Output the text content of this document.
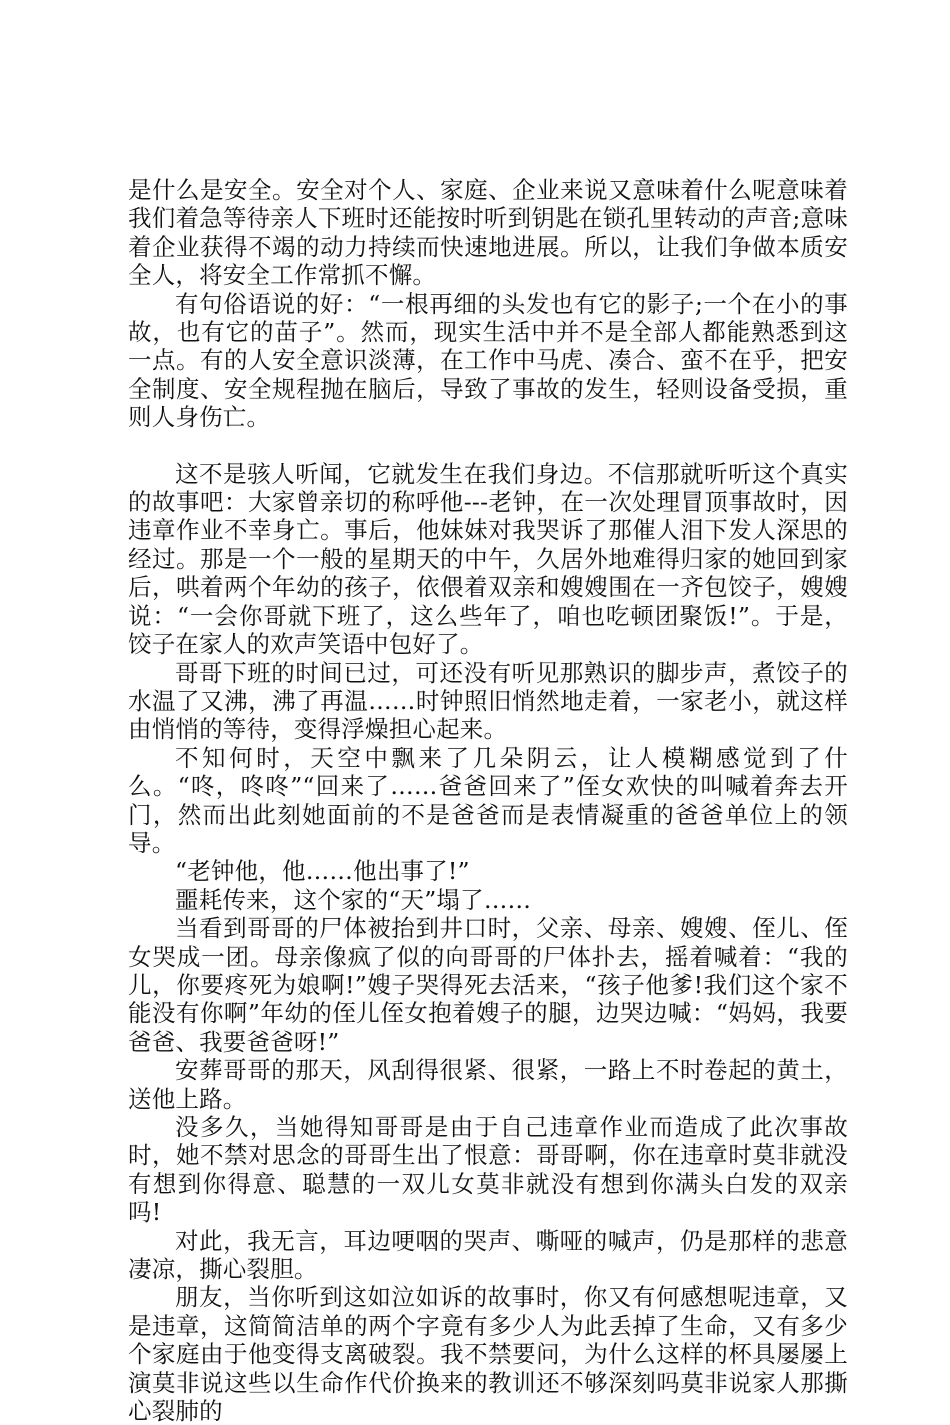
是什么是安全。安全对个人、家庭、企业来说又意味着什么呢意味着我们着急等待亲人下班时还能按时听到钥匙在锁孔里转动的声音;意味着企业获得不竭的动力持续而快速地进展。所以，让我们争做本质安全人，将安全工作常抓不懈。

有句俗语说的好：“一根再细的头发也有它的影子;一个在小的事故，也有它的苗子”。然而，现实生活中并不是全部人都能熟悉到这一点。有的人安全意识淡薄，在工作中马虎、凑合、蛮不在乎，把安全制度、安全规程抛在脑后，导致了事故的发生，轻则设备受损，重则人身伤亡。

这不是骇人听闻，它就发生在我们身边。不信那就听听这个真实的故事吧：大家曾亲切的称呼他---老钟，在一次处理冒顶事故时，因违章作业不幸身亡。事后，他妹妹对我哭诉了那催人泪下发人深思的经过。那是一个一般的星期天的中午，久居外地难得归家的她回到家后，哄着两个年幼的孩子，依偎着双亲和嫂嫂围在一齐包饺子，嫂嫂说：“一会你哥就下班了，这么些年了，咱也吃顿团聚饭!”。于是，饺子在家人的欢声笑语中包好了。

哥哥下班的时间已过，可还没有听见那熟识的脚步声，煮饺子的水温了又沸，沸了再温……时钟照旧悄然地走着，一家老小，就这样由悄悄的等待，变得浮燥担心起来。

不知何时，天空中飘来了几朵阴云，让人模糊感觉到了什么。“咚，咚咚”“回来了……爸爸回来了”侄女欢快的叫喊着奔去开门，然而出此刻她面前的不是爸爸而是表情凝重的爸爸单位上的领导。

“老钟他，他……他出事了!”

噩耗传来，这个家的“天”塌了……

当看到哥哥的尸体被抬到井口时，父亲、母亲、嫂嫂、侄儿、侄女哭成一团。母亲像疯了似的向哥哥的尸体扑去，摇着喊着：“我的儿，你要疼死为娘啊!”嫂子哭得死去活来，“孩子他爹!我们这个家不能没有你啊”年幼的侄儿侄女抱着嫂子的腿，边哭边喊：“妈妈，我要爸爸、我要爸爸呀!”

安葬哥哥的那天，风刮得很紧、很紧，一路上不时卷起的黄土，送他上路。

没多久，当她得知哥哥是由于自己违章作业而造成了此次事故时，她不禁对思念的哥哥生出了恨意：哥哥啊，你在违章时莫非就没有想到你得意、聪慧的一双儿女莫非就没有想到你满头白发的双亲吗!

对此，我无言，耳边哽咽的哭声、嘶哑的喊声，仍是那样的悲意凄凉，撕心裂胆。

朋友，当你听到这如泣如诉的故事时，你又有何感想呢违章，又是违章，这简简洁单的两个字竟有多少人为此丢掉了生命，又有多少个家庭由于他变得支离破裂。我不禁要问，为什么这样的杯具屡屡上演莫非说这些以生命作代价换来的教训还不够深刻吗莫非说家人那撕心裂肺的
